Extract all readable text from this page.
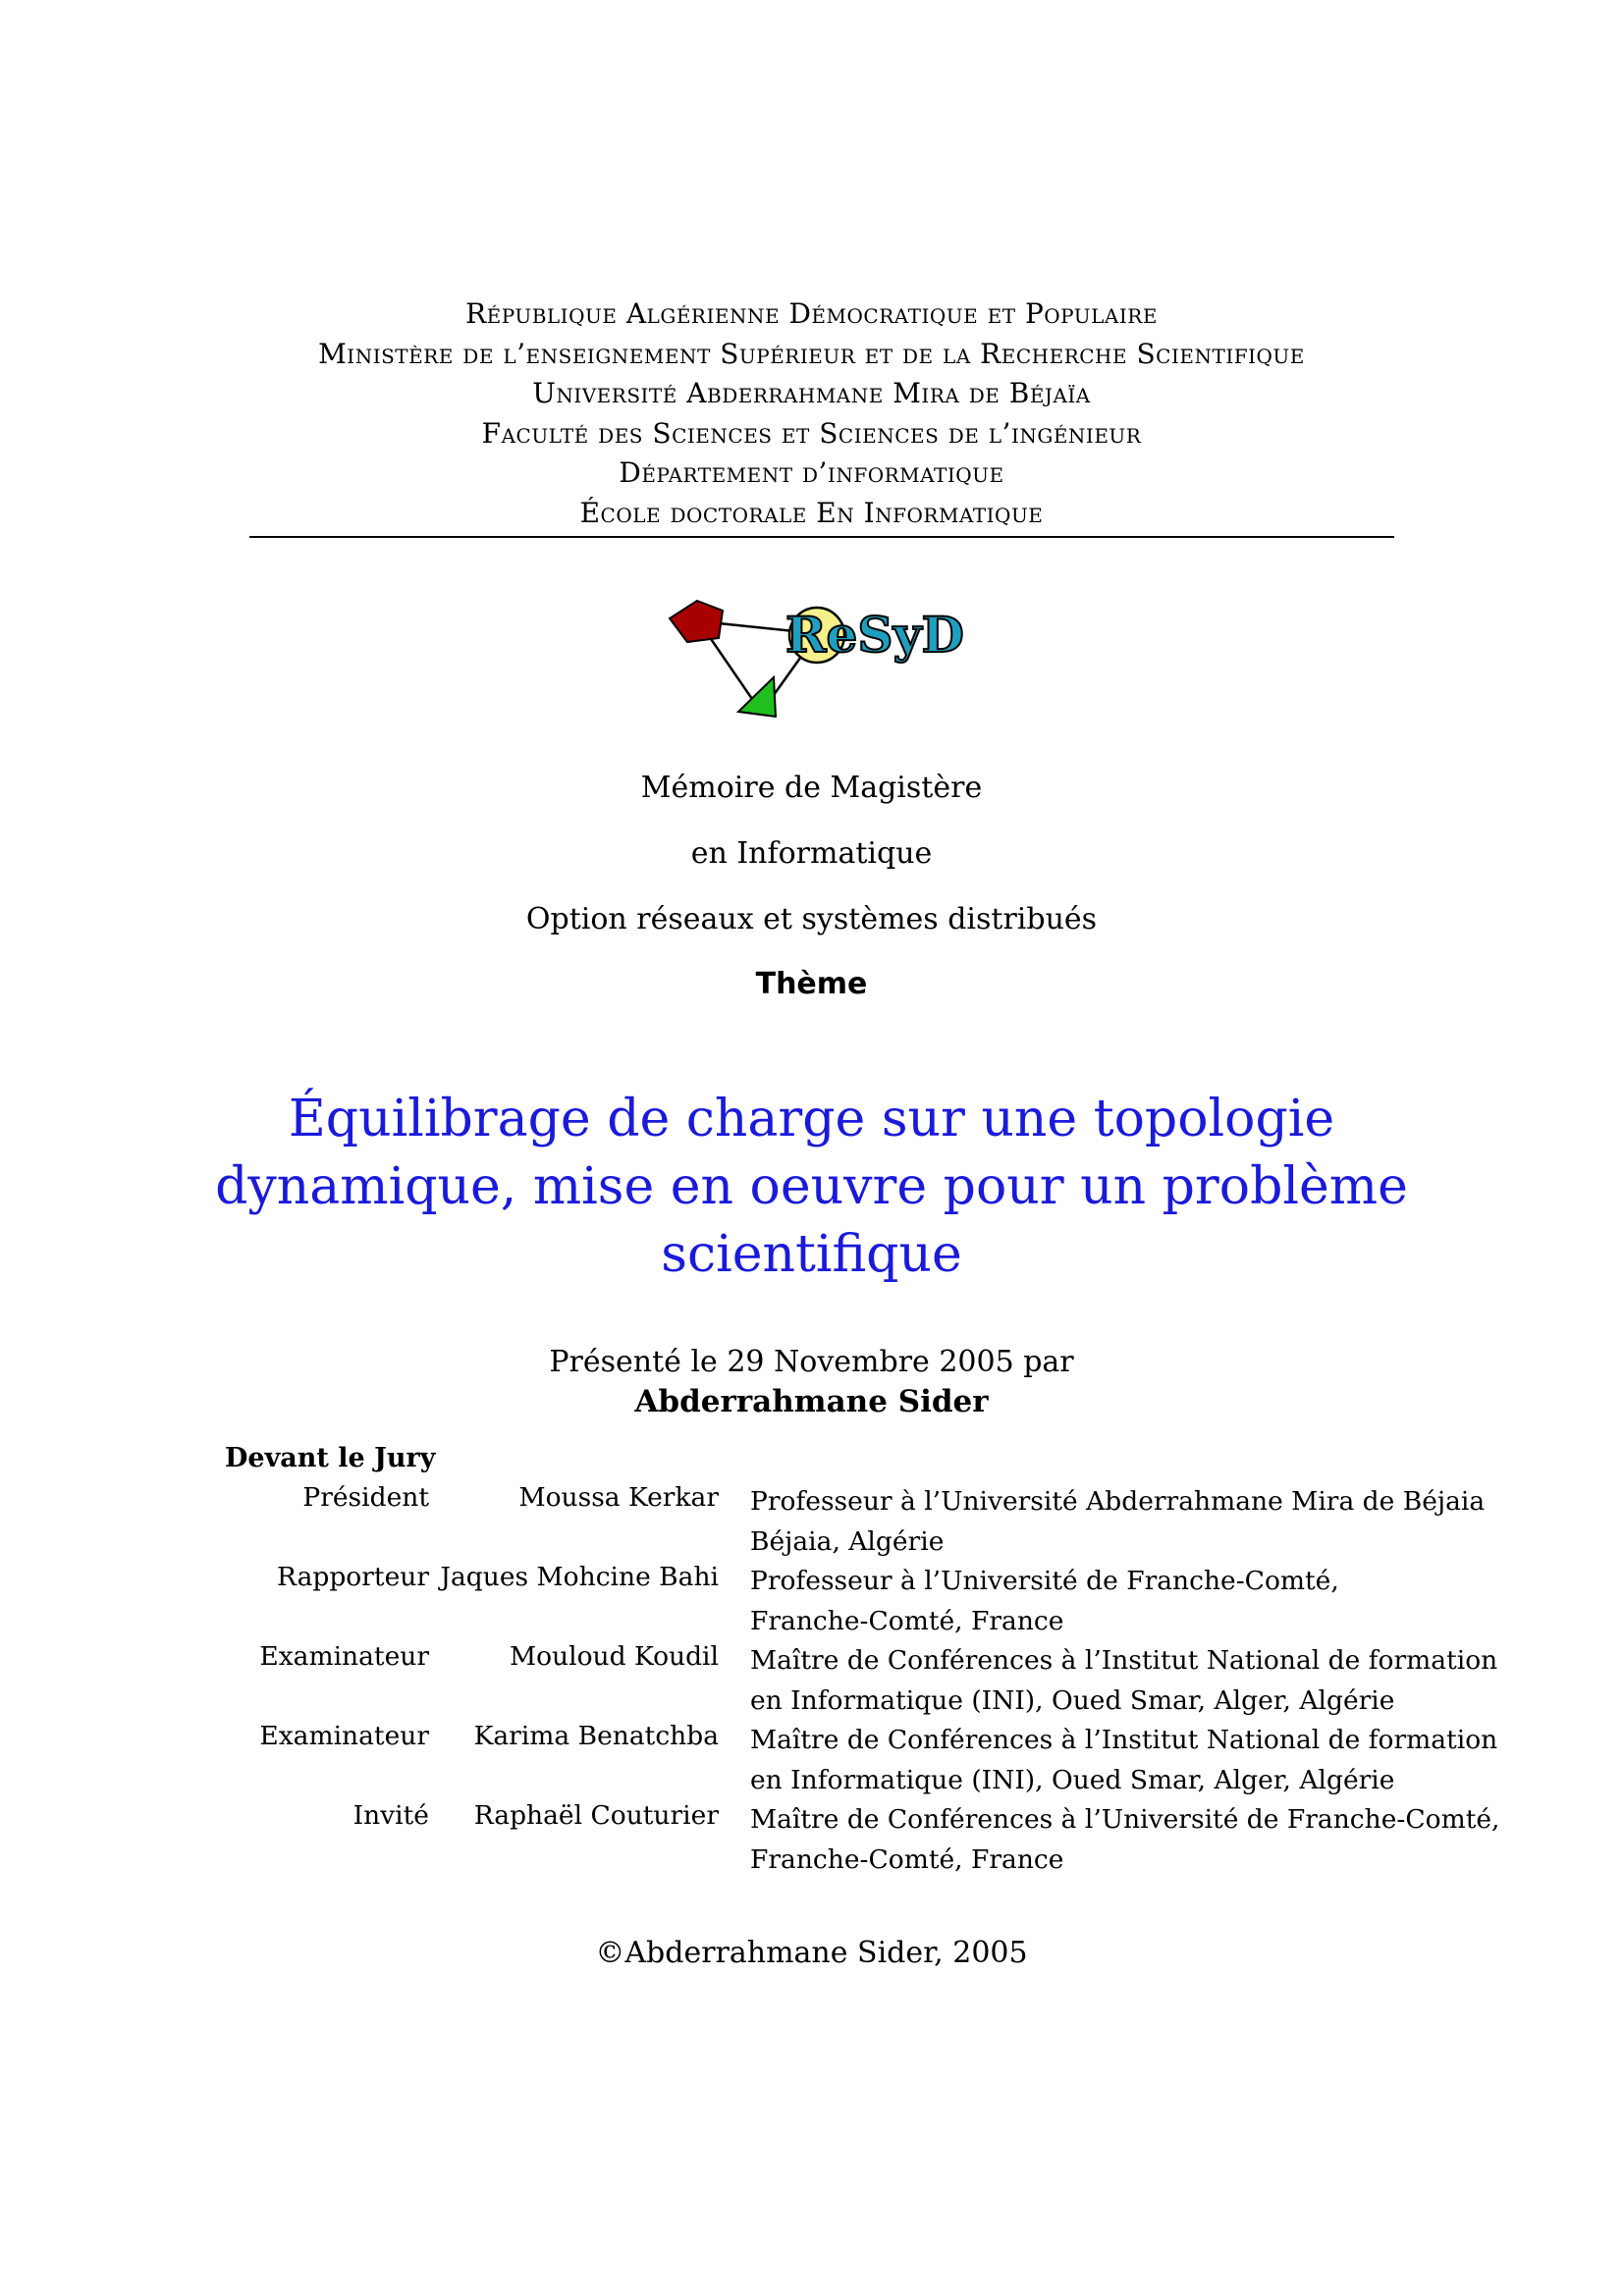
République Algérienne Démocratique et Populaire
Ministère de l’enseignement Supérieur et de la Recherche Scientifique
Université Abderrahmane Mira de Béjaïa
Faculté des Sciences et Sciences de l’ingénieur
Département d’informatique
École doctorale En Informatique
ReSyD
Mémoire de Magistère
en Informatique
Option réseaux et systèmes distribués
Thème
Équilibrage de charge sur une topologie
dynamique, mise en oeuvre pour un problème
scientifique
Présenté le 29 Novembre 2005 par
Abderrahmane Sider
Devant le Jury
Président	Moussa Kerkar Professeur à l’Université Abderrahmane Mira de Béjaia
Béjaia, Algérie
Rapporteur Jaques Mohcine Bahi Professeur à l’Université de Franche-Comté,
Franche-Comté, France
Examinateur	Mouloud Koudil Maître de Conférences à l’Institut National de formation
en Informatique (INI), Oued Smar, Alger, Algérie
Examinateur Karima Benatchba Maître de Conférences à l’Institut National de formation
en Informatique (INI), Oued Smar, Alger, Algérie
Invité Raphaël Couturier Maître de Conférences à l’Université de Franche-Comté,
Franche-Comté, France
©Abderrahmane Sider, 2005
